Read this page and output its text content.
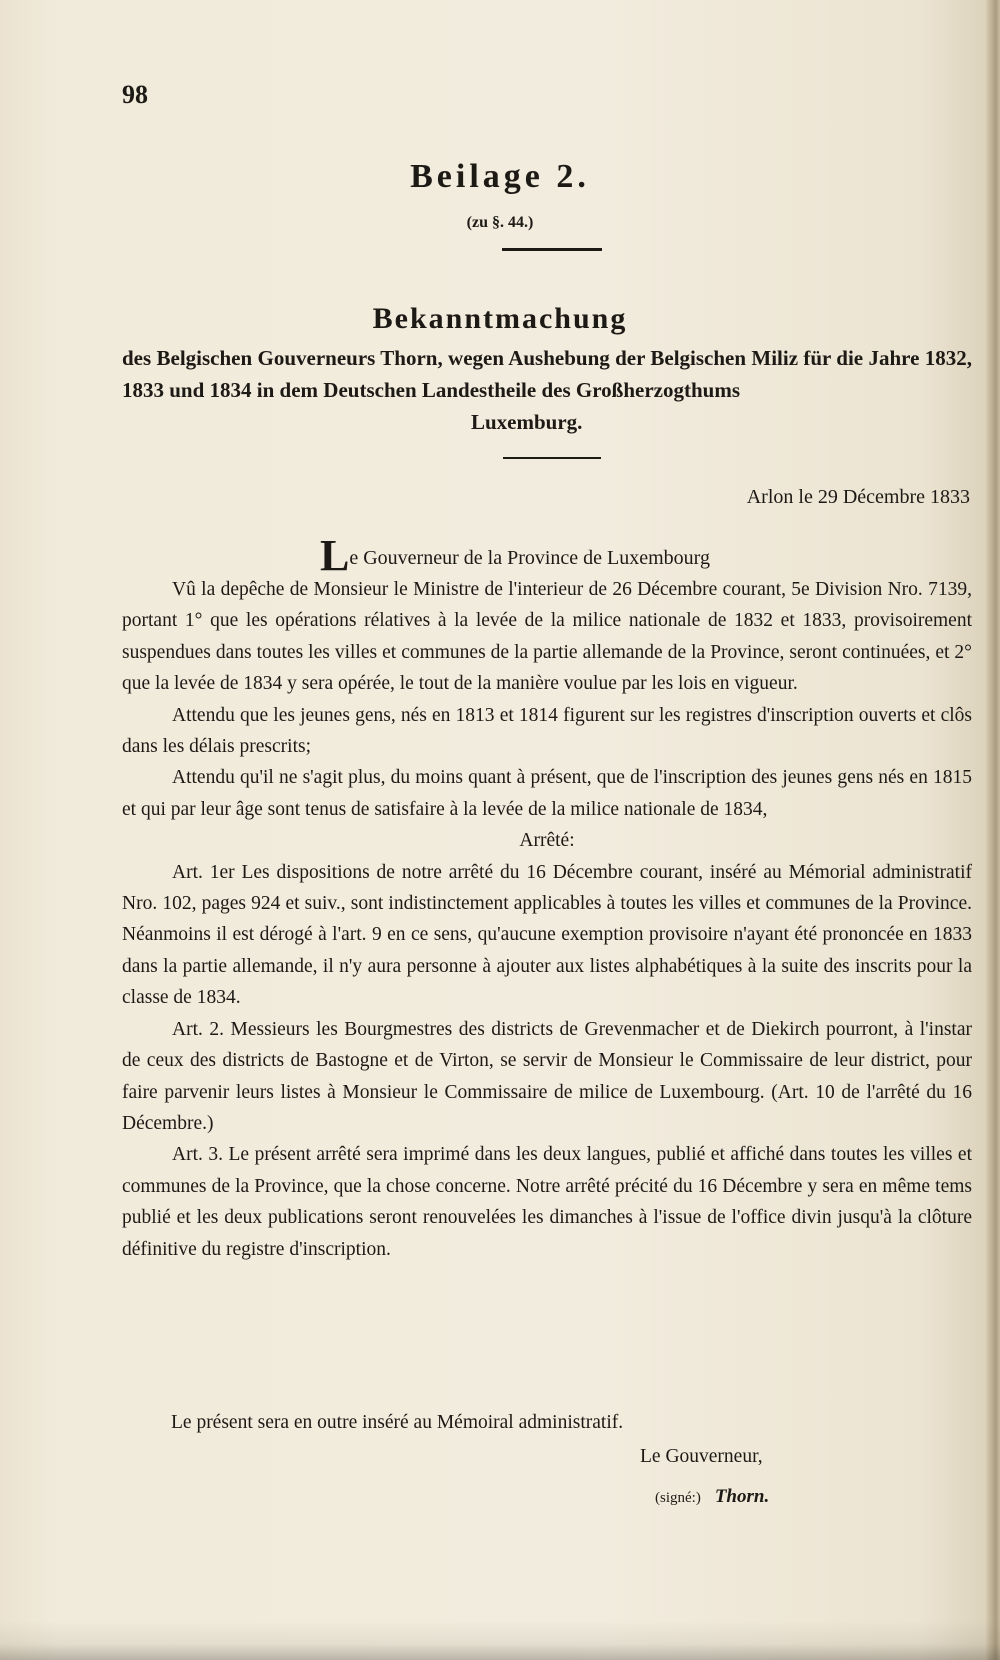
98
Beilage 2.
(zu §. 44.)
Bekanntmachung
des Belgischen Gouverneurs Thorn, wegen Aushebung der Belgischen Miliz für die Jahre 1832, 1833 und 1834 in dem Deutschen Landestheile des Großherzogthums
Luxemburg.
Arlon le 29 Décembre 1833
Le Gouverneur de la Province de Luxembourg

Vû la depêche de Monsieur le Ministre de l'interieur de 26 Décembre courant, 5e Division Nro. 7139, portant 1° que les opérations rélatives à la levée de la milice nationale de 1832 et 1833, provisoirement suspendues dans toutes les villes et communes de la partie allemande de la Province, seront continuées, et 2° que la levée de 1834 y sera opérée, le tout de la manière voulue par les lois en vigueur.

Attendu que les jeunes gens, nés en 1813 et 1814 figurent sur les registres d'inscription ouverts et clôs dans les délais prescrits;

Attendu qu'il ne s'agit plus, du moins quant à présent, que de l'inscription des jeunes gens nés en 1815 et qui par leur âge sont tenus de satisfaire à la levée de la milice nationale de 1834,

Arrêté:

Art. 1er Les dispositions de notre arrêté du 16 Décembre courant, inséré au Mémorial administratif Nro. 102, pages 924 et suiv., sont indistinctement applicables à toutes les villes et communes de la Province. Néanmoins il est dérogé à l'art. 9 en ce sens, qu'aucune exemption provisoire n'ayant été prononcée en 1833 dans la partie allemande, il n'y aura personne à ajouter aux listes alphabétiques à la suite des inscrits pour la classe de 1834.

Art. 2. Messieurs les Bourgmestres des districts de Grevenmacher et de Diekirch pourront, à l'instar de ceux des districts de Bastogne et de Virton, se servir de Monsieur le Commissaire de leur district, pour faire parvenir leurs listes à Monsieur le Commissaire de milice de Luxembourg. (Art. 10 de l'arrêté du 16 Décembre.)

Art. 3. Le présent arrêté sera imprimé dans les deux langues, publié et affiché dans toutes les villes et communes de la Province, que la chose concerne. Notre arrêté précité du 16 Décembre y sera en même tems publié et les deux publications seront renouvelées les dimanches à l'issue de l'office divin jusqu'à la clôture définitive du registre d'inscription.

Le présent sera en outre inséré au Mémoiral administratif.
Le Gouverneur,
(signé:) Thorn.
